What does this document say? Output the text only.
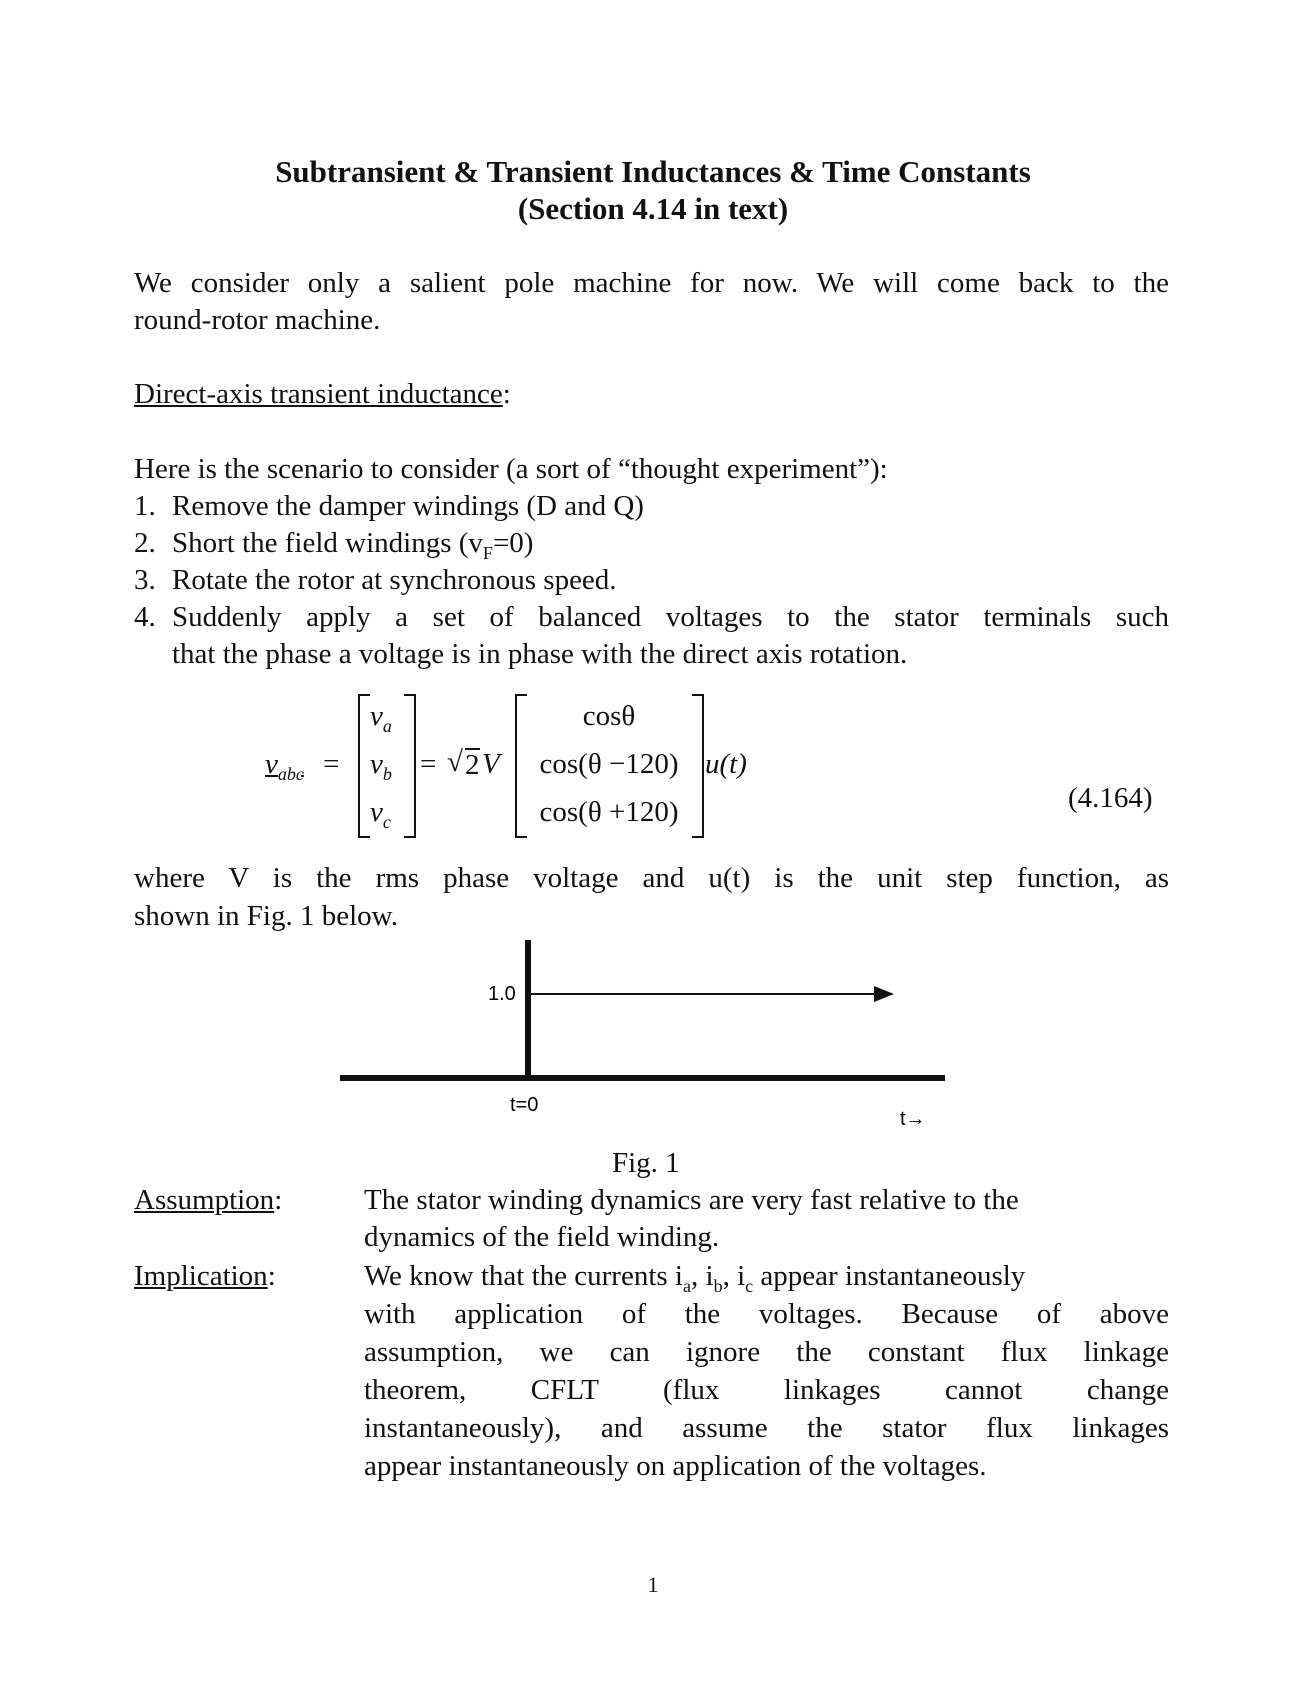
Subtransient & Transient Inductances & Time Constants
(Section 4.14 in text)
We consider only a salient pole machine for now. We will come back to the
round-rotor machine.
Direct-axis transient inductance:
Here is the scenario to consider (a sort of “thought experiment”):
1. Remove the damper windings (D and Q)
2. Short the field windings $(v_F=0)$
3. Rotate the rotor at synchronous speed.
4. Suddenly apply a set of balanced voltages to the stator terminals such
that the phase a voltage is in phase with the direct axis rotation.
$v_{abc}$ =
$v_a$
$v_b$
$v_c$
= √ 2 V
cosθ
cos(θ −120)
cos(θ +120)
u(t)
(4.164)
where V is the rms phase voltage and u(t) is the unit step function, as
shown in Fig. 1 below.
1.0
t=0
t→
Fig. 1
Assumption:	The stator winding dynamics are very fast relative to the
dynamics of the field winding.
Implication:	We know that the currents $i_a$, $i_b$, $i_c$ appear instantaneously
with application of the voltages. Because of above
assumption, we can ignore the constant flux linkage
theorem, CFLT (flux linkages cannot change
instantaneously), and assume the stator flux linkages
appear instantaneously on application of the voltages.
1
